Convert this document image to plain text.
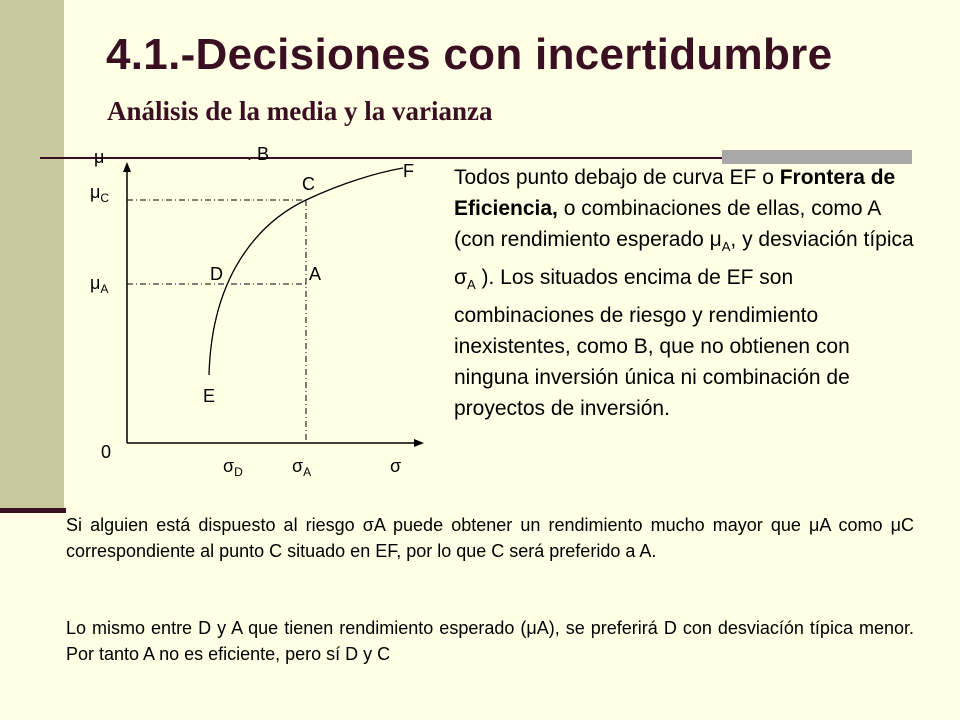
4.1.-Decisiones con incertidumbre
Análisis de la media y la varianza
μ
σ
0
$\mu_C$
$\mu_A$
$\sigma_D$	$\sigma_A$
. B
C
F
D	A
E

Todos punto debajo de curva EF o Frontera de Eficiencia, o combinaciones de ellas, como A (con rendimiento esperado $\mu_A$, y desviación típica $\sigma_A$ ). Los situados encima de EF son combinaciones de riesgo y rendimiento inexistentes, como B, que no obtienen con ninguna inversión única ni combinación de proyectos de inversión.

Si alguien está dispuesto al riesgo σA puede obtener un rendimiento mucho mayor que μA como μC correspondiente al punto C situado en EF, por lo que C será preferido a A.

Lo mismo entre D y A que tienen rendimiento esperado (μA), se preferirá D con desviacíón típica menor. Por tanto A no es eficiente, pero sí D y C
